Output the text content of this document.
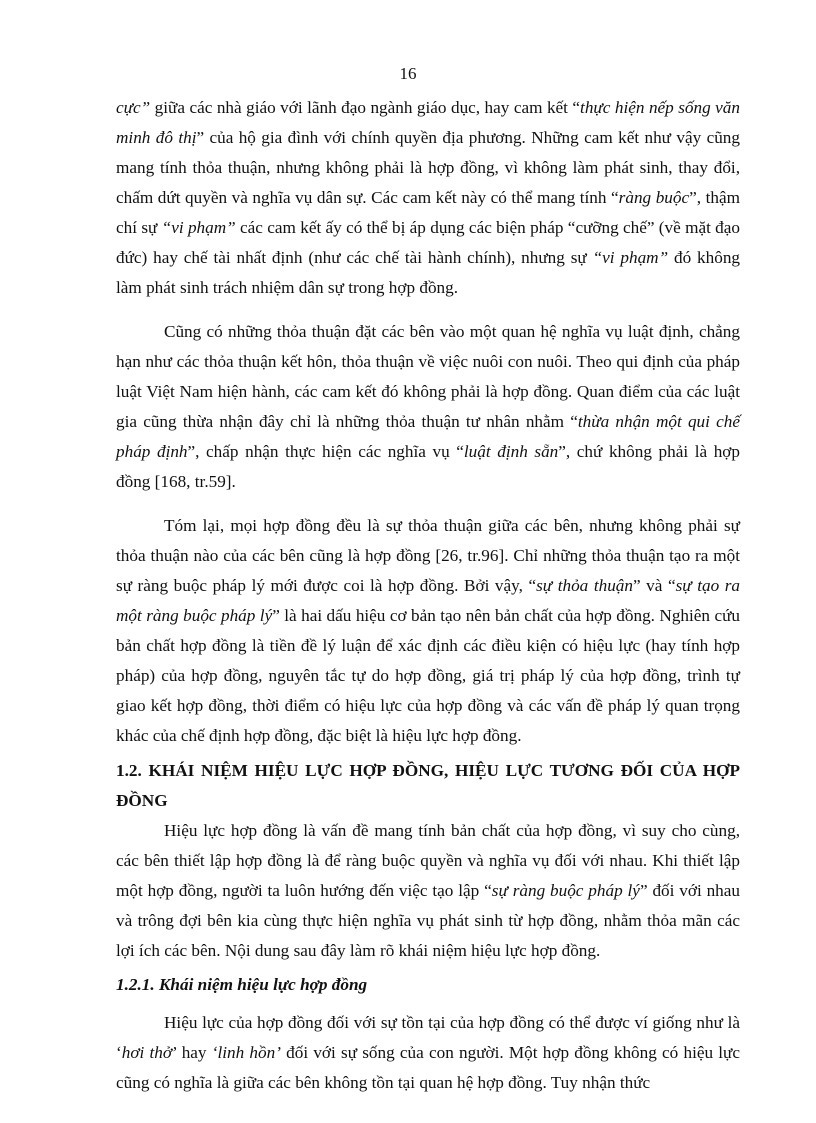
16

cực” giữa các nhà giáo với lãnh đạo ngành giáo dục, hay cam kết “thực hiện nếp sống văn minh đô thị” của hộ gia đình với chính quyền địa phương. Những cam kết như vậy cũng mang tính thỏa thuận, nhưng không phải là hợp đồng, vì không làm phát sinh, thay đổi, chấm dứt quyền và nghĩa vụ dân sự. Các cam kết này có thể mang tính “ràng buộc”, thậm chí sự “vi phạm” các cam kết ấy có thể bị áp dụng các biện pháp “cưỡng chế” (về mặt đạo đức) hay chế tài nhất định (như các chế tài hành chính), nhưng sự “vi phạm” đó không làm phát sinh trách nhiệm dân sự trong hợp đồng.

Cũng có những thỏa thuận đặt các bên vào một quan hệ nghĩa vụ luật định, chẳng hạn như các thỏa thuận kết hôn, thỏa thuận về việc nuôi con nuôi. Theo qui định của pháp luật Việt Nam hiện hành, các cam kết đó không phải là hợp đồng. Quan điểm của các luật gia cũng thừa nhận đây chỉ là những thỏa thuận tư nhân nhằm “thừa nhận một qui chế pháp định”, chấp nhận thực hiện các nghĩa vụ “luật định sẵn”, chứ không phải là hợp đồng [168, tr.59].

Tóm lại, mọi hợp đồng đều là sự thỏa thuận giữa các bên, nhưng không phải sự thỏa thuận nào của các bên cũng là hợp đồng [26, tr.96]. Chỉ những thỏa thuận tạo ra một sự ràng buộc pháp lý mới được coi là hợp đồng. Bởi vậy, “sự thỏa thuận” và “sự tạo ra một ràng buộc pháp lý” là hai dấu hiệu cơ bản tạo nên bản chất của hợp đồng. Nghiên cứu bản chất hợp đồng là tiền đề lý luận để xác định các điều kiện có hiệu lực (hay tính hợp pháp) của hợp đồng, nguyên tắc tự do hợp đồng, giá trị pháp lý của hợp đồng, trình tự giao kết hợp đồng, thời điểm có hiệu lực của hợp đồng và các vấn đề pháp lý quan trọng khác của chế định hợp đồng, đặc biệt là hiệu lực hợp đồng.

1.2. KHÁI NIỆM HIỆU LỰC HỢP ĐỒNG, HIỆU LỰC TƯƠNG ĐỐI CỦA HỢP ĐỒNG

Hiệu lực hợp đồng là vấn đề mang tính bản chất của hợp đồng, vì suy cho cùng, các bên thiết lập hợp đồng là để ràng buộc quyền và nghĩa vụ đối với nhau. Khi thiết lập một hợp đồng, người ta luôn hướng đến việc tạo lập “sự ràng buộc pháp lý” đối với nhau và trông đợi bên kia cùng thực hiện nghĩa vụ phát sinh từ hợp đồng, nhằm thỏa mãn các lợi ích các bên. Nội dung sau đây làm rõ khái niệm hiệu lực hợp đồng.

1.2.1. Khái niệm hiệu lực hợp đồng

Hiệu lực của hợp đồng đối với sự tồn tại của hợp đồng có thể được ví giống như là ‘hơi thở’ hay ‘linh hồn’ đối với sự sống của con người. Một hợp đồng không có hiệu lực cũng có nghĩa là giữa các bên không tồn tại quan hệ hợp đồng. Tuy nhận thức
